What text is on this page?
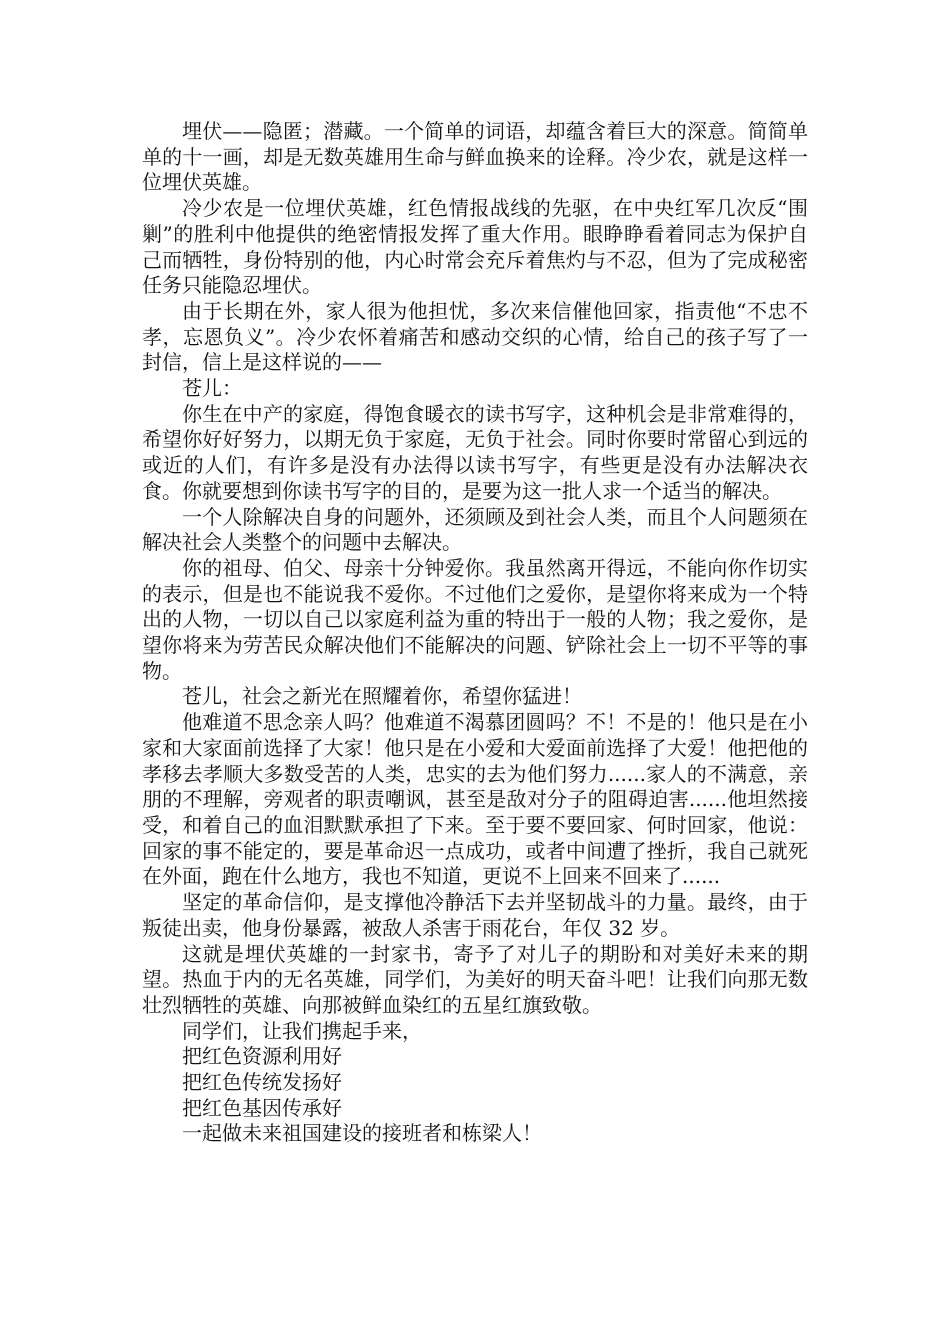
埋伏——隐匿；潜藏。一个简单的词语，却蕴含着巨大的深意。简简单单的十一画，却是无数英雄用生命与鲜血换来的诠释。冷少农，就是这样一位埋伏英雄。

冷少农是一位埋伏英雄，红色情报战线的先驱，在中央红军几次反“围剿”的胜利中他提供的绝密情报发挥了重大作用。眼睁睁看着同志为保护自己而牺牲，身份特别的他，内心时常会充斥着焦灼与不忍，但为了完成秘密任务只能隐忍埋伏。

由于长期在外，家人很为他担忧，多次来信催他回家，指责他“不忠不孝，忘恩负义”。冷少农怀着痛苦和感动交织的心情，给自己的孩子写了一封信，信上是这样说的——

苍儿：

你生在中产的家庭，得饱食暖衣的读书写字，这种机会是非常难得的，希望你好好努力，以期无负于家庭，无负于社会。同时你要时常留心到远的或近的人们，有许多是没有办法得以读书写字，有些更是没有办法解决衣食。你就要想到你读书写字的目的，是要为这一批人求一个适当的解决。

一个人除解决自身的问题外，还须顾及到社会人类，而且个人问题须在解决社会人类整个的问题中去解决。

你的祖母、伯父、母亲十分钟爱你。我虽然离开得远，不能向你作切实的表示，但是也不能说我不爱你。不过他们之爱你，是望你将来成为一个特出的人物，一切以自己以家庭利益为重的特出于一般的人物；我之爱你，是望你将来为劳苦民众解决他们不能解决的问题、铲除社会上一切不平等的事物。

苍儿，社会之新光在照耀着你，希望你猛进！

他难道不思念亲人吗？他难道不渴慕团圆吗？不！不是的！他只是在小家和大家面前选择了大家！他只是在小爱和大爱面前选择了大爱！他把他的孝移去孝顺大多数受苦的人类，忠实的去为他们努力......家人的不满意，亲朋的不理解，旁观者的职责嘲讽，甚至是敌对分子的阻碍迫害......他坦然接受，和着自己的血泪默默承担了下来。至于要不要回家、何时回家，他说：回家的事不能定的，要是革命迟一点成功，或者中间遭了挫折，我自己就死在外面，跑在什么地方，我也不知道，更说不上回来不回来了......

坚定的革命信仰，是支撑他冷静活下去并坚韧战斗的力量。最终，由于叛徒出卖，他身份暴露，被敌人杀害于雨花台，年仅 32 岁。

这就是埋伏英雄的一封家书，寄予了对儿子的期盼和对美好未来的期望。热血于内的无名英雄，同学们，为美好的明天奋斗吧！让我们向那无数壮烈牺牲的英雄、向那被鲜血染红的五星红旗致敬。

同学们，让我们携起手来，

把红色资源利用好

把红色传统发扬好

把红色基因传承好

一起做未来祖国建设的接班者和栋梁人！
